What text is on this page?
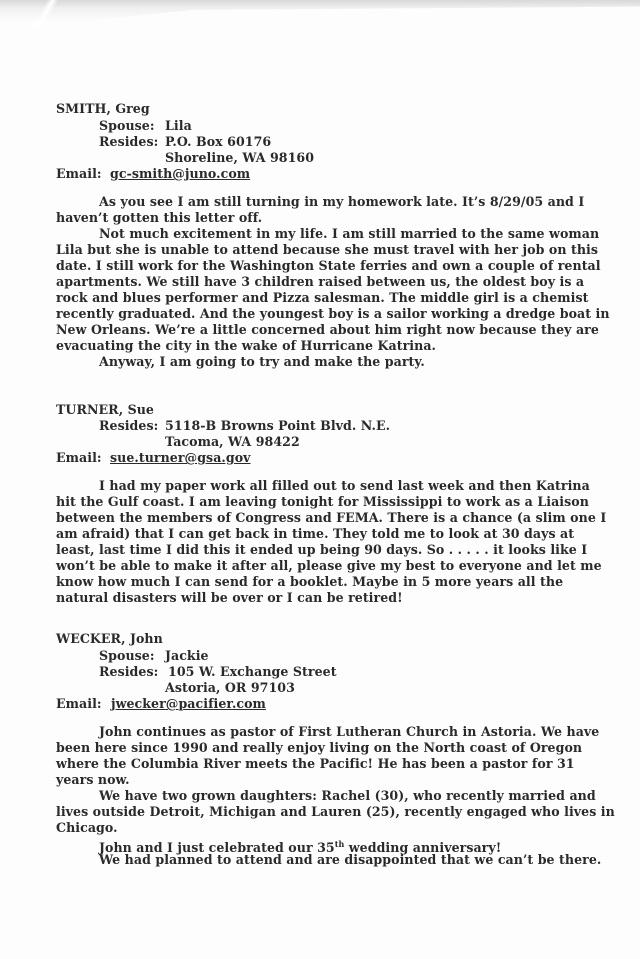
SMITH, Greg
Spouse: Lila
Resides: P.O. Box 60176
Shoreline, WA 98160
Email: gc-smith@juno.com
As you see I am still turning in my homework late. It’s 8/29/05 and I
haven’t gotten this letter off.
Not much excitement in my life. I am still married to the same woman
Lila but she is unable to attend because she must travel with her job on this
date. I still work for the Washington State ferries and own a couple of rental
apartments. We still have 3 children raised between us, the oldest boy is a
rock and blues performer and Pizza salesman. The middle girl is a chemist
recently graduated. And the youngest boy is a sailor working a dredge boat in
New Orleans. We’re a little concerned about him right now because they are
evacuating the city in the wake of Hurricane Katrina.
Anyway, I am going to try and make the party.
TURNER, Sue
Resides: 5118-B Browns Point Blvd. N.E.
Tacoma, WA 98422
Email: sue.turner@gsa.gov
I had my paper work all filled out to send last week and then Katrina
hit the Gulf coast. I am leaving tonight for Mississippi to work as a Liaison
between the members of Congress and FEMA. There is a chance (a slim one I
am afraid) that I can get back in time. They told me to look at 30 days at
least, last time I did this it ended up being 90 days. So . . . . . it looks like I
won’t be able to make it after all, please give my best to everyone and let me
know how much I can send for a booklet. Maybe in 5 more years all the
natural disasters will be over or I can be retired!
WECKER, John
Spouse: Jackie
Resides: 105 W. Exchange Street
Astoria, OR 97103
Email: jwecker@pacifier.com
John continues as pastor of First Lutheran Church in Astoria. We have
been here since 1990 and really enjoy living on the North coast of Oregon
where the Columbia River meets the Pacific! He has been a pastor for 31
years now.
We have two grown daughters: Rachel (30), who recently married and
lives outside Detroit, Michigan and Lauren (25), recently engaged who lives in
Chicago.
John and I just celebrated our 35th wedding anniversary!
We had planned to attend and are disappointed that we can’t be there.
